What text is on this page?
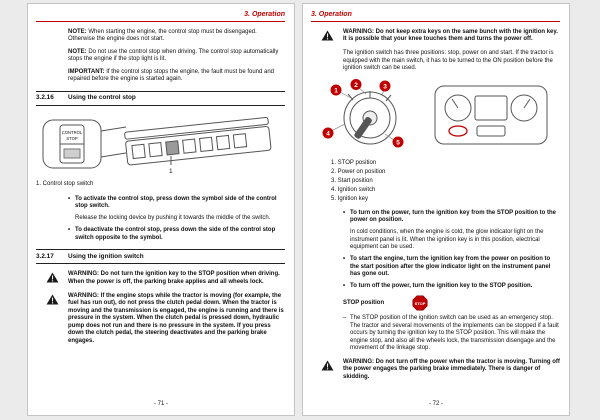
3. Operation

NOTE: When starting the engine, the control stop must be disengaged. Otherwise the engine does not start.

NOTE: Do not use the control stop when driving. The control stop automatically stops the engine if the stop light is lit.

IMPORTANT: If the control stop stops the engine, the fault must be found and repaired before the engine is started again.

3.2.16	Using the control stop
CONTROL
STOP
1
1. Control stop switch
• To activate the control stop, press down the symbol side of the control stop switch.

Release the locking device by pushing it towards the middle of the switch.

• To deactivate the control stop, press down the side of the control stop switch opposite to the symbol.
3.2.17	Using the ignition switch
!
WARNING: Do not turn the ignition key to the STOP position when driving. When the power is off, the parking brake applies and all wheels lock.
!
WARNING: If the engine stops while the tractor is moving (for example, the fuel has run out), do not press the clutch pedal down. When the tractor is moving and the transmission is engaged, the engine is running and there is pressure in the system. When the clutch pedal is pressed down, hydraulic pump does not run and there is no pressure in the system. If you press down the clutch pedal, the steering deactivates and the parking brake engages.
- 71 -
3. Operation
!
WARNING: Do not keep extra keys on the same bunch with the ignition key. It is possible that your knee touches them and turns the power off.

The ignition switch has three positions: stop, power on and start. If the tractor is equipped with the main switch, it has to be turned to the ON position before the ignition switch can be used.

1
2	3
4
5
1. STOP position
2. Power on position
3. Start position
4. Ignition switch
5. Ignition key
• To turn on the power, turn the ignition key from the STOP position to the power on position.

In cold conditions, when the engine is cold, the glow indicator light on the instrument panel is lit. When the ignition key is in this position, electrical equipment can be used.

• To start the engine, turn the ignition key from the power on position to the start position after the glow indicator light on the instrument panel has gone out.
• To turn off the power, turn the ignition key to the STOP position.
STOP position	STOP
– The STOP position of the ignition switch can be used as an emergency stop. The tractor and several movements of the implements can be stopped if a fault occurs by turning the ignition key to the STOP position. This will make the engine stop, and also all the wheels lock, the transmission disengage and the movement of the linkage stop.
!
WARNING: Do not turn off the power when the tractor is moving. Turning off the power engages the parking brake immediately. There is danger of skidding.
- 72 -
